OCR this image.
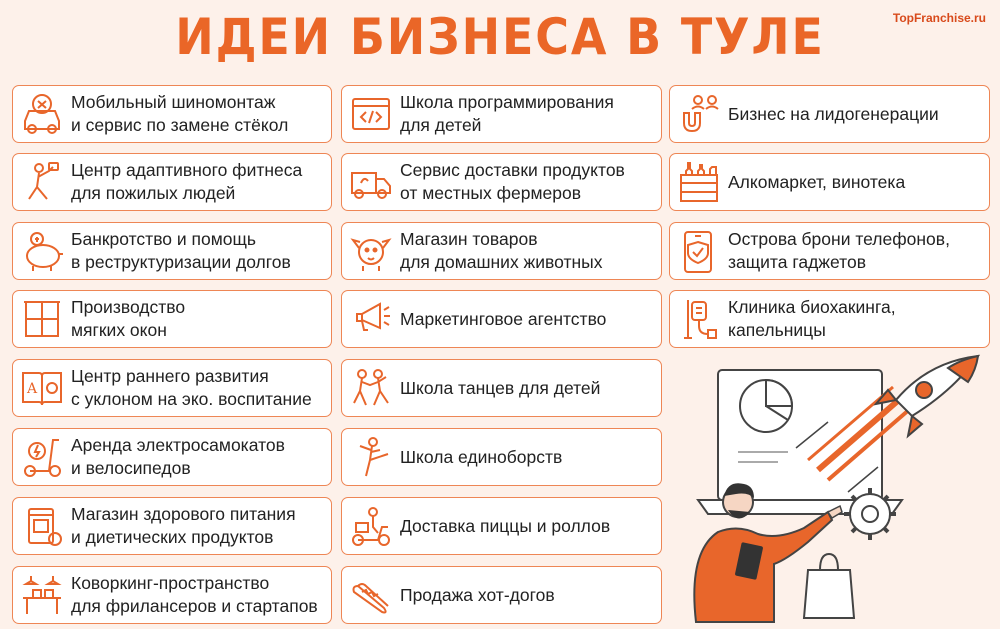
ИДЕИ БИЗНЕСА В ТУЛЕ	TopFranchise.ru
Мобильный шиномонтаж
и сервис по замене стёкол
Центр адаптивного фитнеса
для пожилых людей
Банкротство и помощь
в реструктуризации долгов
Производство
мягких окон
A
Центр раннего развития
с уклоном на эко. воспитание
Аренда электросамокатов
и велосипедов
Магазин здорового питания
и диетических продуктов
Коворкинг-пространство
для фрилансеров и стартапов
Школа программирования
для детей
Сервис доставки продуктов
от местных фермеров
Магазин товаров
для домашних животных
Маркетинговое агентство
Школа танцев для детей
Школа единоборств
Доставка пиццы и роллов
Продажа хот-догов
Бизнес на лидогенерации
Алкомаркет, винотека
Острова брони телефонов,
защита гаджетов
Клиника биохакинга,
капельницы
